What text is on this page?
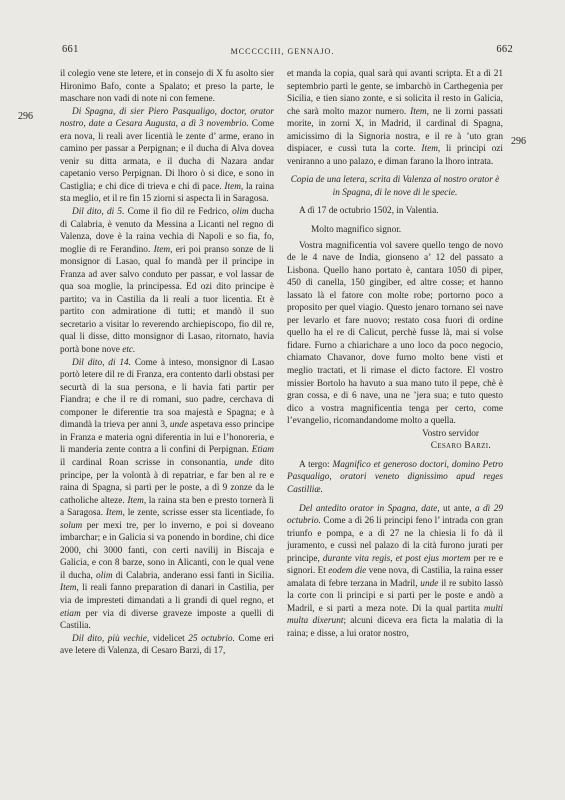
661	MCCCCCIII, GENNAJO.	662
296
296

il colegio vene ste letere, et in consejo di X fu asolto sier Hironimo Bafo, conte a Spalato; et preso la parte, le maschare non vadi di note ni con femene.

Di Spagna, di sier Piero Pasqualigo, doctor, orator nostro, date a Cesara Augusta, a dì 3 novembrio. Come era nova, li reali aver licentià le zente d’ arme, erano in camino per passar a Perpignan; e il ducha di Alva dovea venir su ditta armata, e il ducha di Nazara andar capetanio verso Perpignan. Di lhoro ò si dice, e sono in Castiglia; e chi dice di trieva e chi di pace. Item, la raina sta meglio, et il re fin 15 ziorni si aspecta lì in Saragosa.

Dil dito, di 5. Come il fio dil re Fedrico, olim ducha di Calabria, è venuto da Messina a Licanti nel regno di Valenza, dove è la raina vechia di Napoli e so fia, fo, moglie di re Ferandino. Item, eri poi pranso sonze de li monsignor di Lasao, qual fo mandà per il principe in Franza ad aver salvo conduto per passar, e vol lassar de qua soa moglie, la principessa. Ed ozi dito principe è partito; va in Castilia da li reali a tuor licentia. Et è partito con admiratione di tutti; et mandò il suo secretario a visitar lo reverendo archiepiscopo, fio dil re, qual li disse, ditto monsignor di Lasao, ritornato, havia portà bone nove etc.

Dil dito, di 14. Come à inteso, monsignor di Lasao portò letere dil re di Franza, era contento darli obstasi per securtà di la sua persona, e li havia fati partir per Fiandra; e che il re di romani, suo padre, cerchava di componer le diferentie tra soa majestà e Spagna; e à dimandà la trieva per anni 3, unde aspetava esso principe in Franza e materia ogni diferentia in lui e l’honoreria, e li manderia zente contra a li confini di Perpignan. Etiam il cardinal Roan scrisse in consonantia, unde dito principe, per la volontà à di repatriar, e far ben al re e raina di Spagna, si partì per le poste, a dì 9 zonze da le catholiche alteze. Item, la raina sta ben e presto tornerà lì a Saragosa. Item, le zente, scrisse esser sta licentiade, fo solum per mexi tre, per lo inverno, e poi si doveano imbarchar; e in Galicia si va ponendo in bordine, chi dice 2000, chi 3000 fanti, con certi navilij in Biscaja e Galicia, e con 8 barze, sono in Alicanti, con le qual vene il ducha, olim di Calabria, anderano essi fanti in Sicilia. Item, li reali fanno preparation di danari in Castilia, per via de impresteti dimandati a li grandi di quel regno, et etiam per via di diverse graveze imposte a quelli di Castilia.

Dil dito, più vechie, videlicet 25 octubrio. Come eri ave letere di Valenza, di Cesaro Barzi, di 17,

et manda la copia, qual sarà qui avanti scripta. Et a dì 21 septembrio partì le gente, se imbarchò in Carthegenia per Sicilia, e tien siano zonte, e si solicita il resto in Galicia, che sarà molto mazor numero. Item, ne li zorni passati morite, in zorni X, in Madrid, il cardinal di Spagna, amicissimo di la Signoria nostra, e il re à ’uto gran dispiacer, e cussì tuta la corte. Item, li principi ozi veniranno a uno palazo, e diman farano la lhoro intrata.

Copia de una letera, scrita di Valenza al nostro orator è in Spagna, di le nove di le specie.

A dì 17 de octubrio 1502, in Valentia.

Molto magnifico signor.

Vostra magnificentia vol savere quello tengo de novo de le 4 nave de India, gionseno a’ 12 del passato a Lisbona. Quello hano portato è, cantara 1050 di piper, 450 di canella, 150 gingiber, ed altre cosse; et hanno lassato là el fatore con molte robe; portorno poco a proposito per quel viagio. Questo jenaro tornano sei nave per levarlo et fare nuovo; restato cosa fuori di ordine quello ha el re di Calicut, perchè fusse là, mai si volse fidare. Furno a chiarichare a uno loco da poco negocio, chiamato Chavanor, dove furno molto bene visti et meglio tractati, et li rimase el dicto factore. El vostro missier Bortolo ha havuto a sua mano tuto il pepe, chè è gran cossa, e di 6 nave, una ne ’jera sua; e tuto questo dico a vostra magnificentia tenga per certo, come l’evangelio, ricomandandome molto a quella.

Vostro servidor

Cesaro Barzi.

A tergo: Magnifico et generoso doctori, domino Petro Pasqualigo, oratori veneto dignissimo apud reges Castilliæ.

Del antedito orator in Spagna, date, ut ante, a dì 29 octubrio. Come a dì 26 li principi feno l’ intrada con gran triunfo e pompa, e a dì 27 ne la chiesia li fo dà il juramento, e cussì nel palazo di la cità furono jurati per principe, durante vita regis, et post ejus mortem per re e signori. Et eodem die vene nova, di Castilia, la raina esser amalata di febre terzana in Madril, unde il re subito lassò la corte con li principi e si partì per le poste e andò a Madril, e si partì a meza note. Di la qual partita multi multa dixerunt; alcuni diceva era ficta la malatia di la raina; e disse, a lui orator nostro,
